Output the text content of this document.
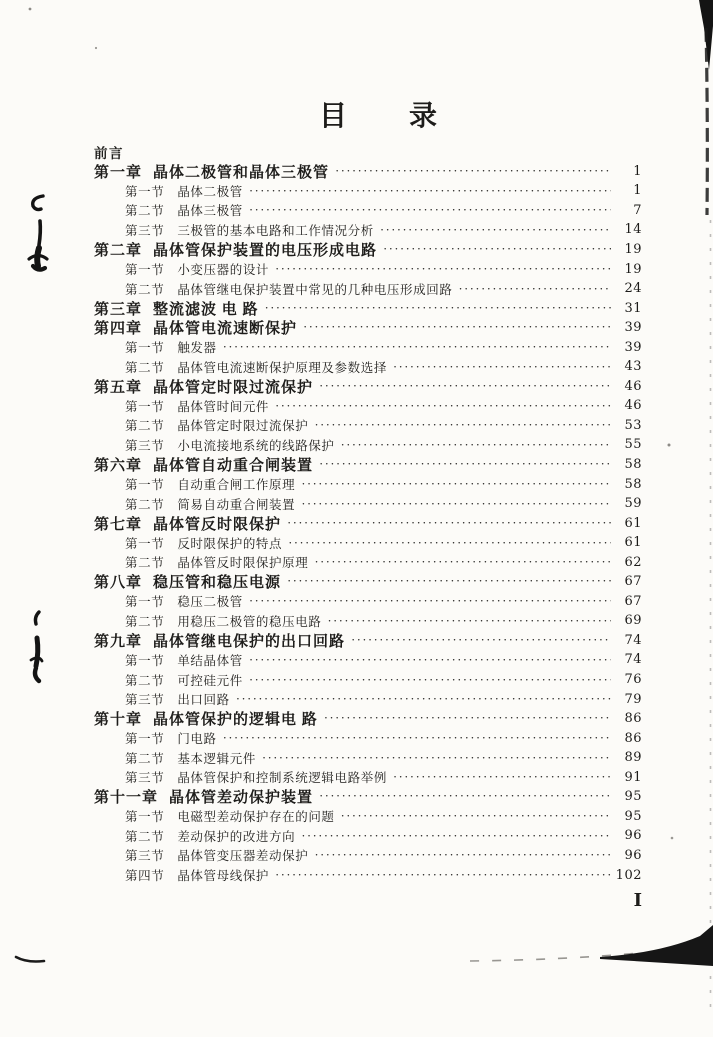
目　　录
前言
第一章 晶体二极管和晶体三极管 ·····	1
第一节 晶体二极管 ·····	1
第二节 晶体三极管 ·····	7
第三节 三极管的基本电路和工作情况分析 ·····	14
第二章 晶体管保护装置的电压形成电路 ·····	19
第一节 小变压器的设计 ·····	19
第二节 晶体管继电保护装置中常见的几种电压形成回路 ·····	24
第三章 整流滤波 电 路 ·····	31
第四章 晶体管电流速断保护 ·····	39
第一节 触发器 ·····	39
第二节 晶体管电流速断保护原理及参数选择 ·····	43
第五章 晶体管定时限过流保护 ·····	46
第一节 晶体管时间元件 ·····	46
第二节 晶体管定时限过流保护 ·····	53
第三节 小电流接地系统的线路保护 ·····	55
第六章 晶体管自动重合闸装置 ·····	58
第一节 自动重合闸工作原理 ·····	58
第二节 简易自动重合闸装置 ·····	59
第七章 晶体管反时限保护 ·····	61
第一节 反时限保护的特点 ·····	61
第二节 晶体管反时限保护原理 ·····	62
第八章 稳压管和稳压电源 ·····	67
第一节 稳压二极管 ·····	67
第二节 用稳压二极管的稳压电路 ·····	69
第九章 晶体管继电保护的出口回路 ·····	74
第一节 单结晶体管 ·····	74
第二节 可控硅元件 ·····	76
第三节 出口回路 ·····	79
第十章 晶体管保护的逻辑电 路 ·····	86
第一节 门电路 ·····	86
第二节 基本逻辑元件 ·····	89
第三节 晶体管保护和控制系统逻辑电路举例 ·····	91
第十一章 晶体管差动保护装置 ·····	95
第一节 电磁型差动保护存在的问题 ·····	95
第二节 差动保护的改进方向 ·····	96
第三节 晶体管变压器差动保护 ·····	96
第四节 晶体管母线保护 ·····	102
I
